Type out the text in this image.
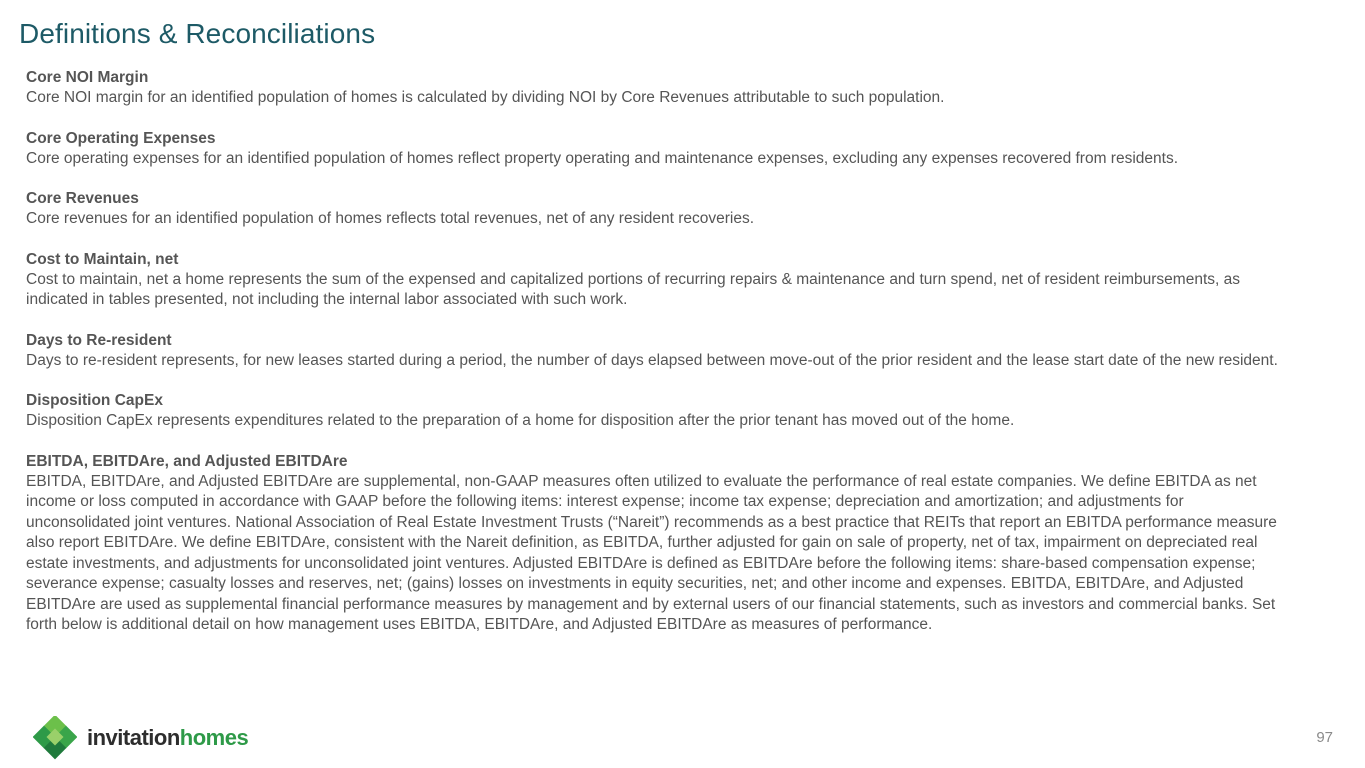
Definitions & Reconciliations

Core NOI Margin

Core NOI margin for an identified population of homes is calculated by dividing NOI by Core Revenues attributable to such population.

Core Operating Expenses

Core operating expenses for an identified population of homes reflect property operating and maintenance expenses, excluding any expenses recovered from residents.

Core Revenues

Core revenues for an identified population of homes reflects total revenues, net of any resident recoveries.

Cost to Maintain, net

Cost to maintain, net a home represents the sum of the expensed and capitalized portions of recurring repairs & maintenance and turn spend, net of resident reimbursements, as indicated in tables presented, not including the internal labor associated with such work.

Days to Re-resident

Days to re-resident represents, for new leases started during a period, the number of days elapsed between move-out of the prior resident and the lease start date of the new resident.

Disposition CapEx

Disposition CapEx represents expenditures related to the preparation of a home for disposition after the prior tenant has moved out of the home.

EBITDA, EBITDAre, and Adjusted EBITDAre

EBITDA, EBITDAre, and Adjusted EBITDAre are supplemental, non-GAAP measures often utilized to evaluate the performance of real estate companies. We define EBITDA as net income or loss computed in accordance with GAAP before the following items: interest expense; income tax expense; depreciation and amortization; and adjustments for unconsolidated joint ventures. National Association of Real Estate Investment Trusts (“Nareit”) recommends as a best practice that REITs that report an EBITDA performance measure also report EBITDAre. We define EBITDAre, consistent with the Nareit definition, as EBITDA, further adjusted for gain on sale of property, net of tax, impairment on depreciated real estate investments, and adjustments for unconsolidated joint ventures. Adjusted EBITDAre is defined as EBITDAre before the following items: share-based compensation expense; severance expense; casualty losses and reserves, net; (gains) losses on investments in equity securities, net; and other income and expenses. EBITDA, EBITDAre, and Adjusted EBITDAre are used as supplemental financial performance measures by management and by external users of our financial statements, such as investors and commercial banks. Set forth below is additional detail on how management uses EBITDA, EBITDAre, and Adjusted EBITDAre as measures of performance.

invitationhomes	97
